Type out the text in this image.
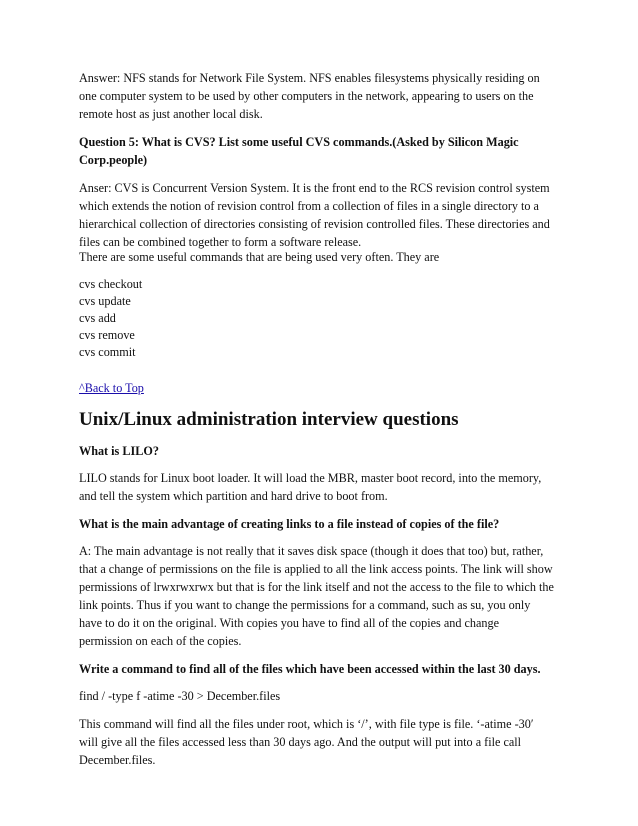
Answer: NFS stands for Network File System. NFS enables filesystems physically residing on

one computer system to be used by other computers in the network, appearing to users on the

remote host as just another local disk.

Question 5: What is CVS? List some useful CVS commands.(Asked by Silicon Magic

Corp.people)

Anser: CVS is Concurrent Version System. It is the front end to the RCS revision control system

which extends the notion of revision control from a collection of files in a single directory to a

hierarchical collection of directories consisting of revision controlled files. These directories and

files can be combined together to form a software release.

There are some useful commands that are being used very often. They are

cvs checkout

cvs update

cvs add

cvs remove

cvs commit

^Back to Top
Unix/Linux administration interview questions

What is LILO?

LILO stands for Linux boot loader. It will load the MBR, master boot record, into the memory,

and tell the system which partition and hard drive to boot from.

What is the main advantage of creating links to a file instead of copies of the file?

A: The main advantage is not really that it saves disk space (though it does that too) but, rather,

that a change of permissions on the file is applied to all the link access points. The link will show

permissions of lrwxrwxrwx but that is for the link itself and not the access to the file to which the

link points. Thus if you want to change the permissions for a command, such as su, you only

have to do it on the original. With copies you have to find all of the copies and change

permission on each of the copies.

Write a command to find all of the files which have been accessed within the last 30 days.

find / -type f -atime -30 > December.files

This command will find all the files under root, which is ‘/’, with file type is file. ‘-atime -30′

will give all the files accessed less than 30 days ago. And the output will put into a file call

December.files.
